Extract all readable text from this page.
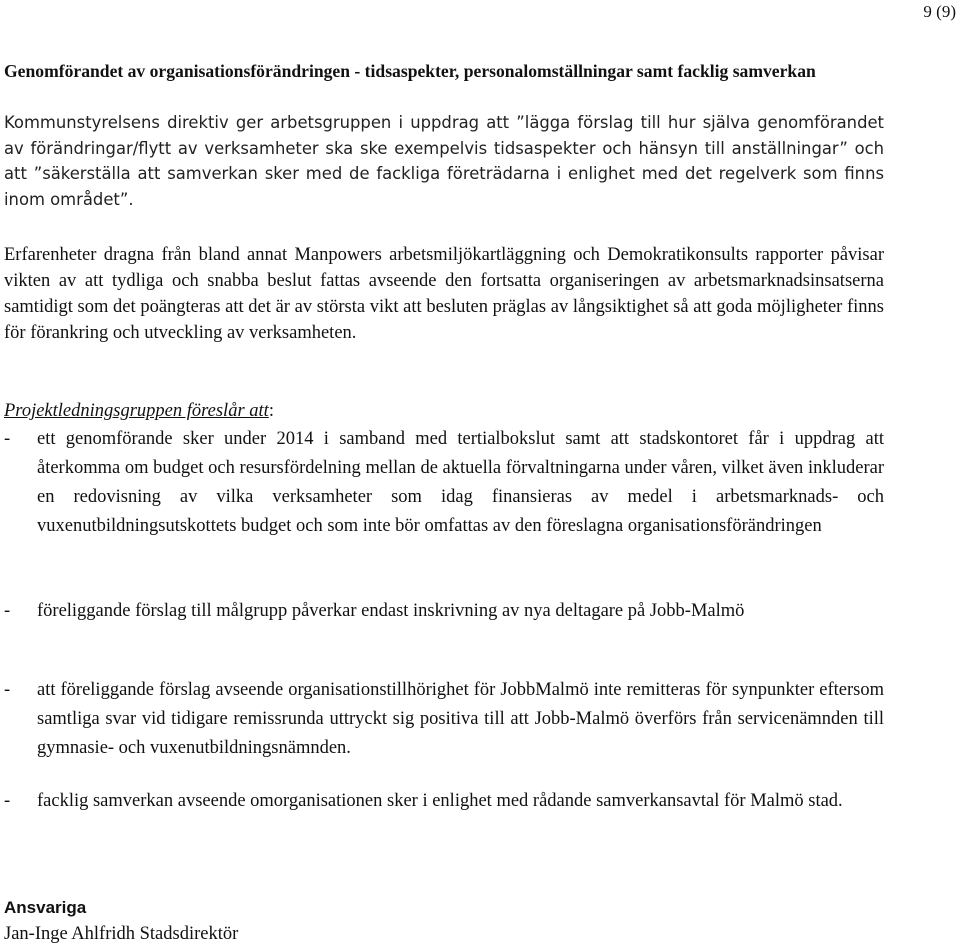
9 (9)
Genomförandet av organisationsförändringen - tidsaspekter, personalomställningar samt facklig samverkan

Kommunstyrelsens direktiv ger arbetsgruppen i uppdrag att ”lägga förslag till hur själva genomförandet av förändringar/flytt av verksamheter ska ske exempelvis tidsaspekter och hänsyn till anställningar” och att ”säkerställa att samverkan sker med de fackliga företrädarna i enlighet med det regelverk som finns inom området”.

Erfarenheter dragna från bland annat Manpowers arbetsmiljökartläggning och Demokratikonsults rapporter påvisar vikten av att tydliga och snabba beslut fattas avseende den fortsatta organiseringen av arbetsmarknadsinsatserna samtidigt som det poängteras att det är av största vikt att besluten präglas av långsiktighet så att goda möjligheter finns för förankring och utveckling av verksamheten.

Projektledningsgruppen föreslår att:

-	ett genomförande sker under 2014 i samband med tertialbokslut samt att stadskontoret får i uppdrag att återkomma om budget och resursfördelning mellan de aktuella förvaltningarna under våren, vilket även inkluderar en redovisning av vilka verksamheter som idag finansieras av medel i arbetsmarknads- och vuxenutbildningsutskottets budget och som inte bör omfattas av den föreslagna organisationsförändringen
-	föreliggande förslag till målgrupp påverkar endast inskrivning av nya deltagare på Jobb-Malmö
-	att föreliggande förslag avseende organisationstillhörighet för JobbMalmö inte remitteras för synpunkter eftersom samtliga svar vid tidigare remissrunda uttryckt sig positiva till att Jobb-Malmö överförs från servicenämnden till gymnasie- och vuxenutbildningsnämnden.
-	facklig samverkan avseende omorganisationen sker i enlighet med rådande samverkansavtal för Malmö stad.
Ansvariga
Jan-Inge Ahlfridh Stadsdirektör
